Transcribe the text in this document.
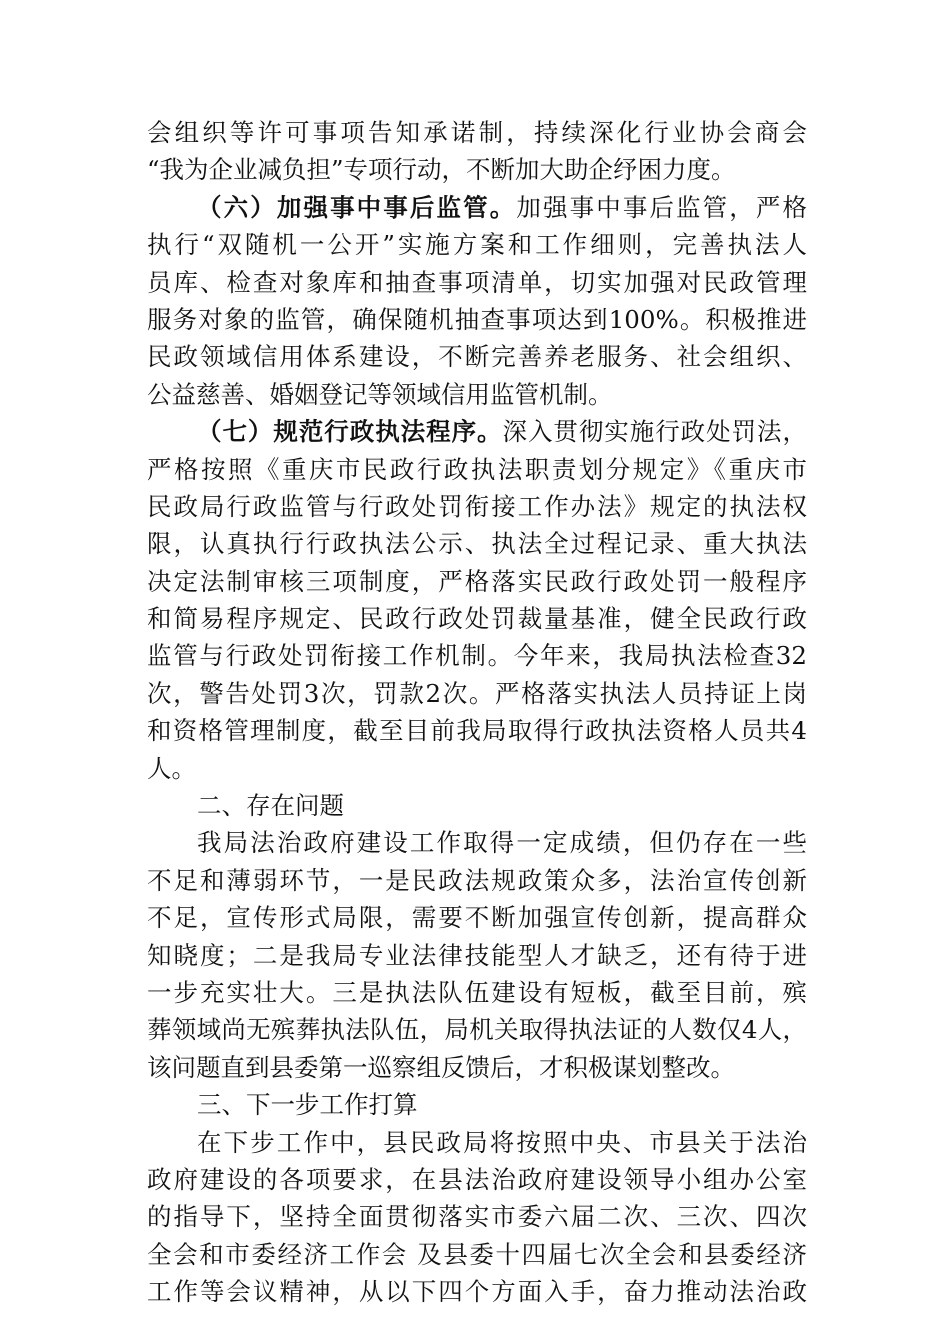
会组织等许可事项告知承诺制，持续深化行业协会商会
“我为企业减负担”专项行动，不断加大助企纾困力度。
（六）加强事中事后监管。加强事中事后监管，严格
执行“双随机一公开”实施方案和工作细则，完善执法人
员库、检查对象库和抽查事项清单，切实加强对民政管理
服务对象的监管，确保随机抽查事项达到100%。积极推进
民政领域信用体系建设，不断完善养老服务、社会组织、
公益慈善、婚姻登记等领域信用监管机制。
（七）规范行政执法程序。深入贯彻实施行政处罚法，
严格按照《重庆市民政行政执法职责划分规定》《重庆市
民政局行政监管与行政处罚衔接工作办法》规定的执法权
限，认真执行行政执法公示、执法全过程记录、重大执法
决定法制审核三项制度，严格落实民政行政处罚一般程序
和简易程序规定、民政行政处罚裁量基准，健全民政行政
监管与行政处罚衔接工作机制。今年来，我局执法检查32
次，警告处罚3次，罚款2次。严格落实执法人员持证上岗
和资格管理制度，截至目前我局取得行政执法资格人员共4
人。
二、存在问题
我局法治政府建设工作取得一定成绩，但仍存在一些
不足和薄弱环节，一是民政法规政策众多，法治宣传创新
不足，宣传形式局限，需要不断加强宣传创新，提高群众
知晓度；二是我局专业法律技能型人才缺乏，还有待于进
一步充实壮大。三是执法队伍建设有短板，截至目前，殡
葬领域尚无殡葬执法队伍，局机关取得执法证的人数仅4人，
该问题直到县委第一巡察组反馈后，才积极谋划整改。
三、下一步工作打算
在下步工作中，县民政局将按照中央、市县关于法治
政府建设的各项要求，在县法治政府建设领导小组办公室
的指导下，坚持全面贯彻落实市委六届二次、三次、四次
全会和市委经济工作会 及县委十四届七次全会和县委经济
工作等会议精神，从以下四个方面入手，奋力推动法治政
